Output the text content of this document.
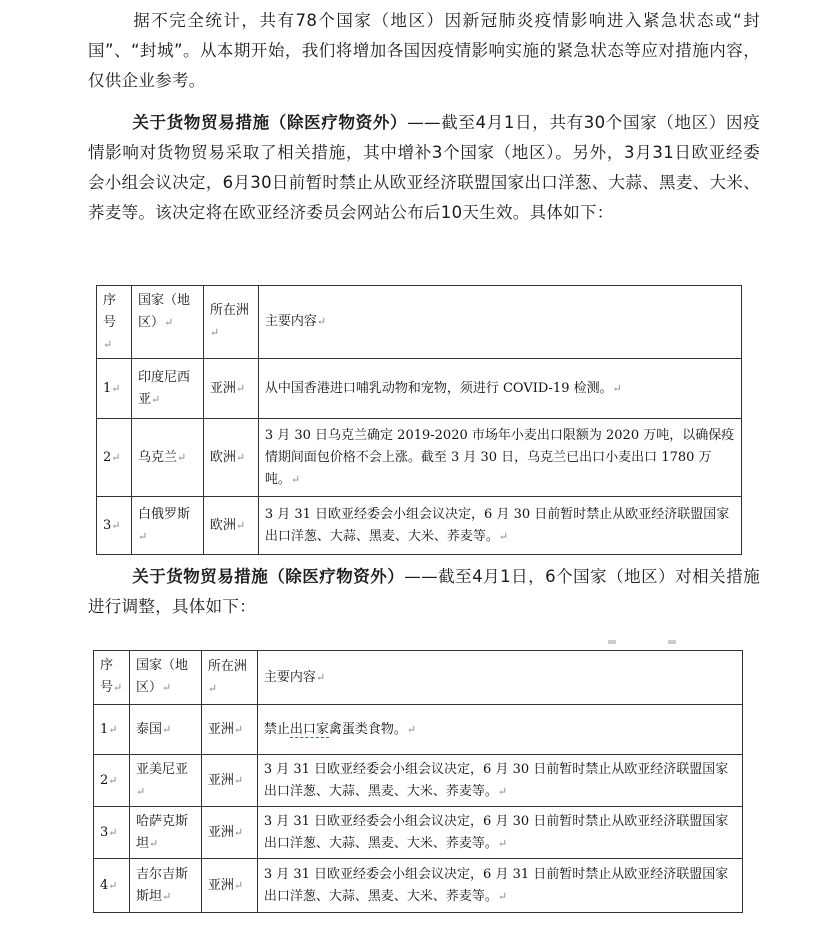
据不完全统计，共有78个国家（地区）因新冠肺炎疫情影响进入紧急状态或“封国”、“封城”。从本期开始，我们将增加各国因疫情影响实施的紧急状态等应对措施内容，仅供企业参考。

关于货物贸易措施（除医疗物资外）——截至4月1日，共有30个国家（地区）因疫情影响对货物贸易采取了相关措施，其中增补3个国家（地区）。另外，3月31日欧亚经委会小组会议决定，6月30日前暂时禁止从欧亚经济联盟国家出口洋葱、大蒜、黑麦、大米、荞麦等。该决定将在欧亚经济委员会网站公布后10天生效。具体如下：

序号↵	国家（地区）↵	所在洲↵	主要内容↵
1↵	印度尼西亚↵	亚洲↵	从中国香港进口哺乳动物和宠物，须进行 COVID-19 检测。↵
2↵	乌克兰↵	欧洲↵	3 月 30 日乌克兰确定 2019-2020 市场年小麦出口限额为 2020 万吨，以确保疫情期间面包价格不会上涨。截至 3 月 30 日，乌克兰已出口小麦出口 1780 万吨。↵
3↵	白俄罗斯↵	欧洲↵	3 月 31 日欧亚经委会小组会议决定，6 月 30 日前暂时禁止从欧亚经济联盟国家出口洋葱、大蒜、黑麦、大米、荞麦等。↵

关于货物贸易措施（除医疗物资外）——截至4月1日，6个国家（地区）对相关措施进行调整，具体如下：

序号↵	国家（地区）↵	所在洲↵	主要内容↵
1↵	泰国↵	亚洲↵	禁止出口家禽蛋类食物。↵
2↵	亚美尼亚↵	亚洲↵	3 月 31 日欧亚经委会小组会议决定，6 月 30 日前暂时禁止从欧亚经济联盟国家出口洋葱、大蒜、黑麦、大米、荞麦等。↵
3↵	哈萨克斯坦↵	亚洲↵	3 月 31 日欧亚经委会小组会议决定，6 月 30 日前暂时禁止从欧亚经济联盟国家出口洋葱、大蒜、黑麦、大米、荞麦等。↵
4↵	吉尔吉斯斯坦↵	亚洲↵	3 月 31 日欧亚经委会小组会议决定，6 月 31 日前暂时禁止从欧亚经济联盟国家出口洋葱、大蒜、黑麦、大米、荞麦等。↵
